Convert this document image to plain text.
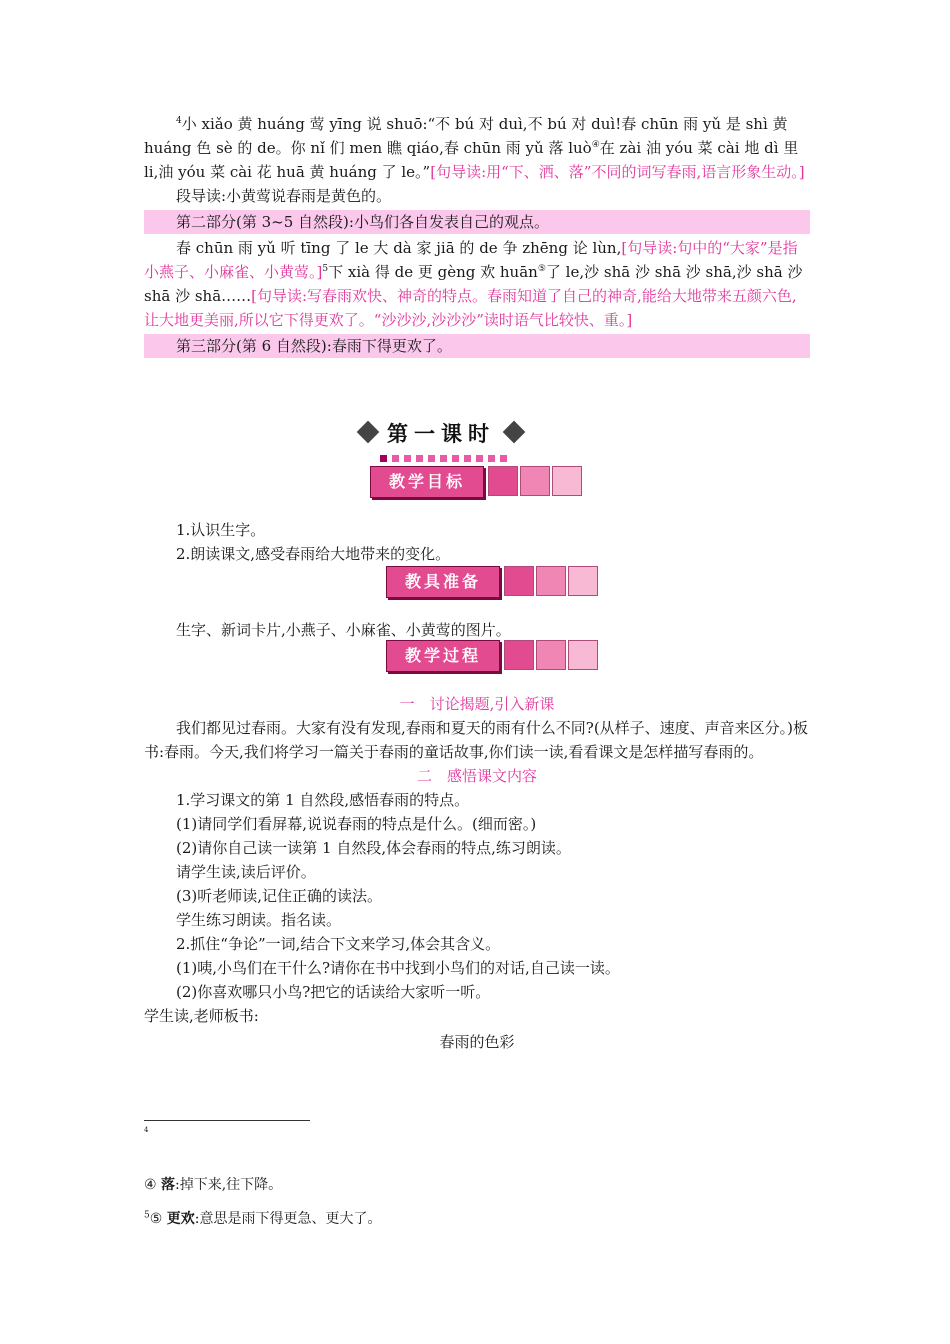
$^4$小 xiǎo 黄 huáng 莺 yīng 说 shuō:“不 bú 对 duì,不 bú 对 duì!春 chūn 雨 yǔ 是 shì 黄 huáng 色 sè 的 de。你 nǐ 们 men 瞧 qiáo,春 chūn 雨 yǔ 落 luò④在 zài 油 yóu 菜 cài 地 dì 里 li,油 yóu 菜 cài 花 huā 黄 huáng 了 le。”[句导读:用“下、洒、落”不同的词写春雨,语言形象生动。]

段导读:小黄莺说春雨是黄色的。

第二部分(第 3~5 自然段):小鸟们各自发表自己的观点。

春 chūn 雨 yǔ 听 tīng 了 le 大 dà 家 jiā 的 de 争 zhēng 论 lùn,[句导读:句中的“大家”是指小燕子、小麻雀、小黄莺。]$^5$下 xià 得 de 更 gèng 欢 huān⑤了 le,沙 shā 沙 shā 沙 shā,沙 shā 沙 shā 沙 shā……[句导读:写春雨欢快、神奇的特点。春雨知道了自己的神奇,能给大地带来五颜六色,让大地更美丽,所以它下得更欢了。“沙沙沙,沙沙沙”读时语气比较快、重。]

第三部分(第 6 自然段):春雨下得更欢了。
第一课时
教学目标

1.认识生字。

2.朗读课文,感受春雨给大地带来的变化。

教具准备

生字、新词卡片,小燕子、小麻雀、小黄莺的图片。

教学过程

一　讨论揭题,引入新课

我们都见过春雨。大家有没有发现,春雨和夏天的雨有什么不同?(从样子、速度、声音来区分。)板书:春雨。今天,我们将学习一篇关于春雨的童话故事,你们读一读,看看课文是怎样描写春雨的。

二　感悟课文内容

1.学习课文的第 1 自然段,感悟春雨的特点。

(1)请同学们看屏幕,说说春雨的特点是什么。(细而密。)

(2)请你自己读一读第 1 自然段,体会春雨的特点,练习朗读。

请学生读,读后评价。

(3)听老师读,记住正确的读法。

学生练习朗读。指名读。

2.抓住“争论”一词,结合下文来学习,体会其含义。

(1)咦,小鸟们在干什么?请你在书中找到小鸟们的对话,自己读一读。

(2)你喜欢哪只小鸟?把它的话读给大家听一听。

学生读,老师板书:

春雨的色彩

4
④ 落:掉下来,往下降。
$^5$⑤ 更欢:意思是雨下得更急、更大了。
